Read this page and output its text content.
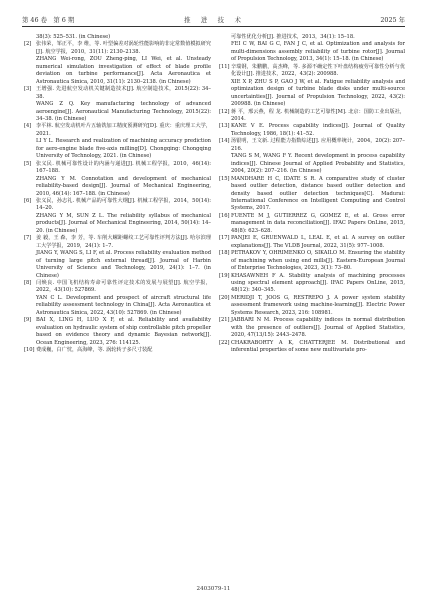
第 46 卷　第 6 期	推　进　技　术	2025 年
38(3): 525–531. (in Chinese)
[2] 张伟荣，邹正平，李 维，等. 叶型偏差对涡轮性能影响的非定常数值模拟研究[J]. 航空学报，2010，31(11): 2130–2138.
ZHANG Wei-rong, ZOU Zheng-ping, LI Wei, et al. Unsteady numerical simulation investigation of effect of blade profile deviation on turbine performance[J]. Acta Aeronautica et Astronautica Sinica, 2010, 31(11): 2130–2138. (in Chinese)
[3] 王增强. 先进航空发动机关键制造技术[J]. 航空制造技术，2015(22): 34–38.
WANG Z Q. Key manufacturing technology of advanced aeroengine[J]. Aeronautical Manufacturing Technology, 2015(22): 34–38. (in Chinese)
[4] 李平林. 航空发动机叶片五轴铣加工精度预测研究[D]. 重庆：重庆理工大学，2021.
LI Y L. Research and realization of machining accuracy prediction for aero-engine blade five-axis milling[D]. Chongqing: Chongqing University of Technology, 2021. (in Chinese)
[5] 张义民. 机械可靠性设计的内涵与递进[J]. 机械工程学报，2010，46(14): 167–188.
ZHANG Y M. Connotation and development of mechanical reliability-based design[J]. Journal of Mechanical Engineering, 2010, 46(14): 167–188. (in Chinese)
[6] 张义民，孙志礼. 机械产品的可靠性大纲[J]. 机械工程学报，2014，50(14): 14–20.
ZHANG Y M, SUN Z L. The reliability syllabus of mechanical products[J]. Journal of Mechanical Engineering, 2014, 50(14): 14–20. (in Chinese)
[7] 姜 毅，王 森，李 芳，等. 车削大螺距螺纹工艺可靠性评判方法[J]. 哈尔滨理工大学学报，2019，24(1): 1–7.
JIANG Y, WANG S, LI F, et al. Process reliability evaluation method of turning large pitch external thread[J]. Journal of Harbin University of Science and Technology, 2019, 24(1): 1–7. (in Chinese)
[8] 闫焕良. 中国飞机结构寿命可靠性评定技术的发展与展望[J]. 航空学报，2022，43(10): 527869.
YAN C L. Development and prospect of aircraft structural life reliability assessment technology in China[J]. Acta Aeronautica et Astronautica Sinica, 2022, 43(10): 527869. (in Chinese)
[9] BAI X, LING H, LUO X F, et al. Reliability and availability evaluation on hydraulic system of ship controllable pitch propeller based on evidence theory and dynamic Bayesian network[J]. Ocean Engineering, 2023, 276: 114125.
[10] 费成巍，白广忱，高海峰，等. 涡轮转子多尺寸装配
可靠性优化分析[J]. 推进技术，2013，34(1): 15–18.
FEI C W, BAI G C, FAN J C, et al. Optimization and analysis for multi-dimensions assembly reliability of turbine rotor[J]. Journal of Propulsion Technology, 2013, 34(1): 15–18. (in Chinese)
[11] 辛瑞钢，朱鹏鹏，高杰峰，等. 多源不确定性下叶盘结构疲劳可靠性分析与优化设计[J]. 推进技术，2022，43(2): 200988.
XIE X P, ZHU S P, GAO J W, et al. Fatigue reliability analysis and optimization design of turbine blade disks under multi-source uncertainties[J]. Journal of Propulsion Technology, 2022, 43(2): 200988. (in Chinese)
[12] 蒋 平，邢云燕，程 龙. 机械制造的工艺可靠性[M]. 北京：国防工业出版社，2014.
[13] KANE V E. Process capability indices[J]. Journal of Quality Technology, 1986, 18(1): 41–52.
[14] 汤银明，王文新. 过程能力指数综述[J]. 应用概率统计，2004，20(2): 207–216.
TANG S M, WANG F Y. Recent development in process capability indices[J]. Chinese Journal of Applied Probability and Statistics, 2004, 20(2): 207–216. (in Chinese)
[15] MANDHARE H C, IDATE S R. A comparative study of cluster based outlier detection, distance based outlier detection and density based outlier detection techniques[C]. Madurai: International Conference on Intelligent Computing and Control Systems, 2017.
[16] FUENTE M J, GUTIERREZ G, GOMEZ E, et al. Gross error management in data reconciliation[J]. IFAC Papers OnLine, 2015, 48(8): 623–628.
[17] PANJEI E, GRUENWALD L, LEAL E, et al. A survey on outlier explanations[J]. The VLDB Journal, 2022, 31(5): 977–1008.
[18] PETRAKOV Y, OHRIMENKO O, SIKAILO M. Ensuring the stability of machining when using end mills[J]. Eastern-European Journal of Enterprise Technologies, 2023, 3(1): 73–80.
[19] KHASAWNEH F A. Stability analysis of machining processes using spectral element approach[J]. IFAC Papers OnLine, 2015, 48(12): 340–345.
[20] MERIDJI T, JOOS G, RESTREPO J. A power system stability assessment framework using machine-learning[J]. Electric Power Systems Research, 2023, 216: 108981.
[21] JABBARI N M. Process capability indices in normal distribution with the presence of outliers[J]. Journal of Applied Statistics, 2020, 47(13/15): 2443–2478.
[22] CHAKRABORTY A K, CHATTERJEE M. Distributional and inferential properties of some new multivariate pro-
2403079-11
